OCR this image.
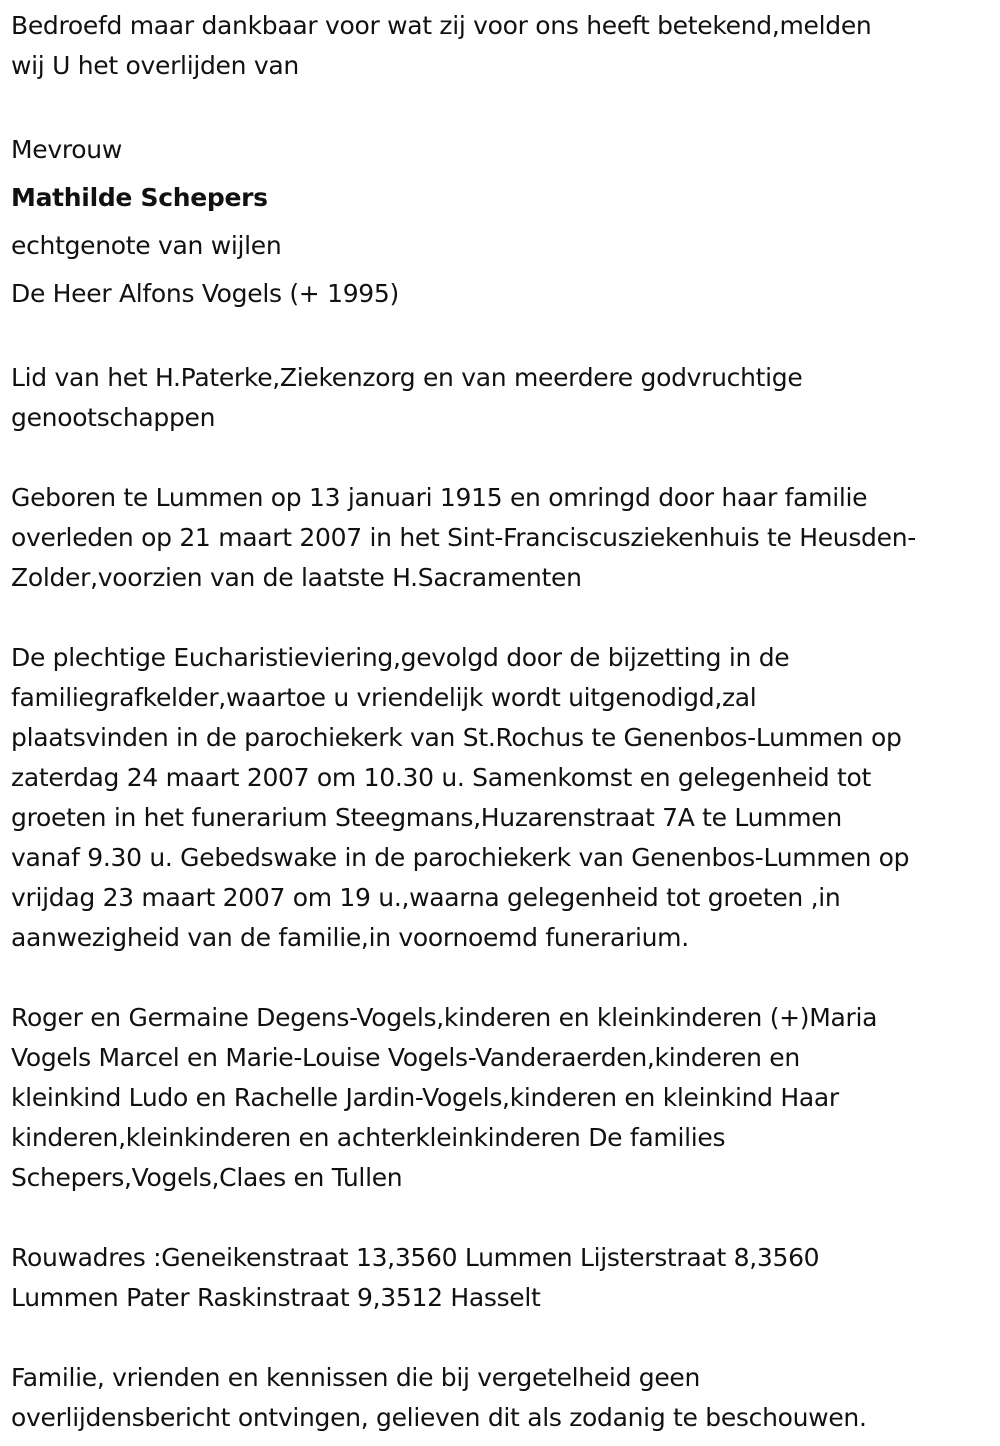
Bedroefd maar dankbaar voor wat zij voor ons heeft betekend,melden
wij U het overlijden van

Mevrouw

Mathilde Schepers

echtgenote van wijlen

De Heer Alfons Vogels (+ 1995)

Lid van het H.Paterke,Ziekenzorg en van meerdere godvruchtige
genootschappen

Geboren te Lummen op 13 januari 1915 en omringd door haar familie
overleden op 21 maart 2007 in het Sint-Franciscusziekenhuis te Heusden-
Zolder,voorzien van de laatste H.Sacramenten

De plechtige Eucharistieviering,gevolgd door de bijzetting in de
familiegrafkelder,waartoe u vriendelijk wordt uitgenodigd,zal
plaatsvinden in de parochiekerk van St.Rochus te Genenbos-Lummen op
zaterdag 24 maart 2007 om 10.30 u. Samenkomst en gelegenheid tot
groeten in het funerarium Steegmans,Huzarenstraat 7A te Lummen
vanaf 9.30 u. Gebedswake in de parochiekerk van Genenbos-Lummen op
vrijdag 23 maart 2007 om 19 u.,waarna gelegenheid tot groeten ,in
aanwezigheid van de familie,in voornoemd funerarium.

Roger en Germaine Degens-Vogels,kinderen en kleinkinderen (+)Maria
Vogels Marcel en Marie-Louise Vogels-Vanderaerden,kinderen en
kleinkind Ludo en Rachelle Jardin-Vogels,kinderen en kleinkind Haar
kinderen,kleinkinderen en achterkleinkinderen De families
Schepers,Vogels,Claes en Tullen

Rouwadres :Geneikenstraat 13,3560 Lummen Lijsterstraat 8,3560
Lummen Pater Raskinstraat 9,3512 Hasselt

Familie, vrienden en kennissen die bij vergetelheid geen
overlijdensbericht ontvingen, gelieven dit als zodanig te beschouwen.
